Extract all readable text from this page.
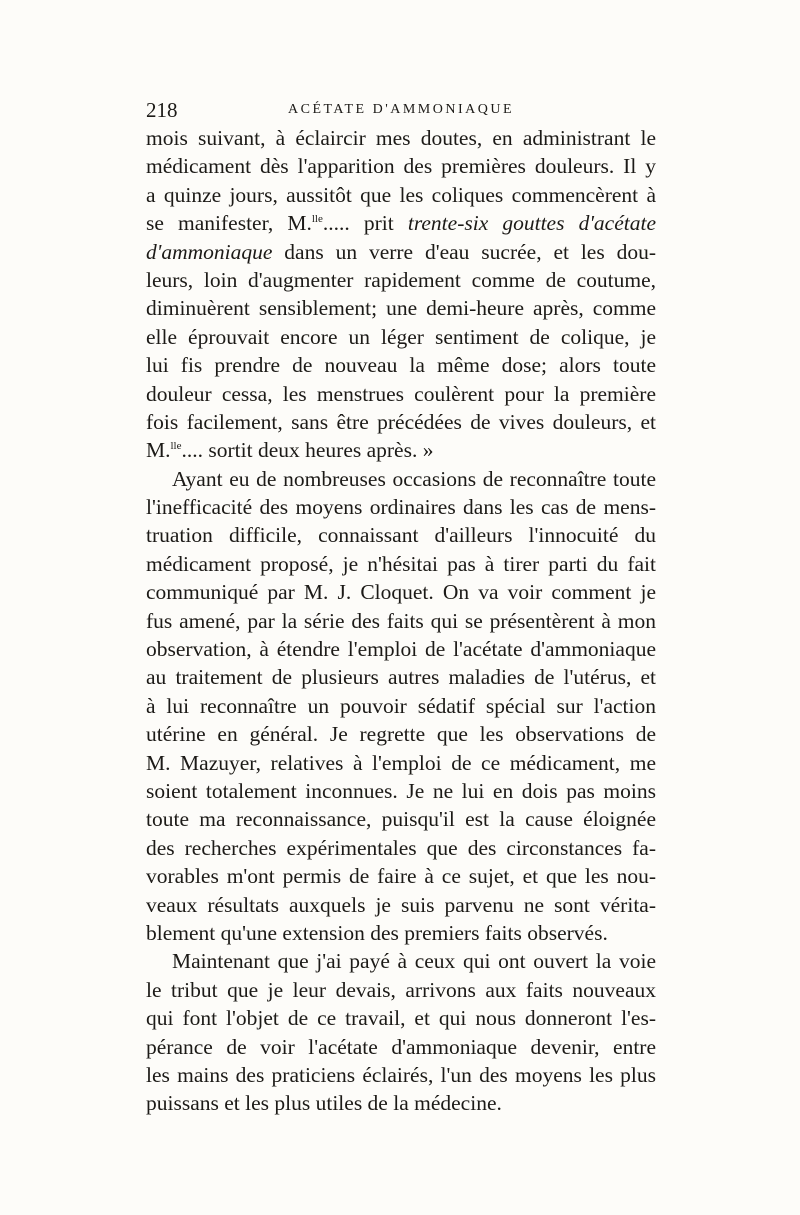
218	ACÉTATE D'AMMONIAQUE
mois suivant, à éclaircir mes doutes, en administrant le
médicament dès l'apparition des premières douleurs. Il y
a quinze jours, aussitôt que les coliques commencèrent à
se manifester, M.$^{lle}$..... prit trente-six gouttes d'acétate
d'ammoniaque dans un verre d'eau sucrée, et les dou-
leurs, loin d'augmenter rapidement comme de coutume,
diminuèrent sensiblement; une demi-heure après, comme
elle éprouvait encore un léger sentiment de colique, je
lui fis prendre de nouveau la même dose; alors toute
douleur cessa, les menstrues coulèrent pour la première
fois facilement, sans être précédées de vives douleurs, et
M.$^{lle}$.... sortit deux heures après. »
Ayant eu de nombreuses occasions de reconnaître toute
l'inefficacité des moyens ordinaires dans les cas de mens-
truation difficile, connaissant d'ailleurs l'innocuité du
médicament proposé, je n'hésitai pas à tirer parti du fait
communiqué par M. J. Cloquet. On va voir comment je
fus amené, par la série des faits qui se présentèrent à mon
observation, à étendre l'emploi de l'acétate d'ammoniaque
au traitement de plusieurs autres maladies de l'utérus, et
à lui reconnaître un pouvoir sédatif spécial sur l'action
utérine en général. Je regrette que les observations de
M. Mazuyer, relatives à l'emploi de ce médicament, me
soient totalement inconnues. Je ne lui en dois pas moins
toute ma reconnaissance, puisqu'il est la cause éloignée
des recherches expérimentales que des circonstances fa-
vorables m'ont permis de faire à ce sujet, et que les nou-
veaux résultats auxquels je suis parvenu ne sont vérita-
blement qu'une extension des premiers faits observés.
Maintenant que j'ai payé à ceux qui ont ouvert la voie
le tribut que je leur devais, arrivons aux faits nouveaux
qui font l'objet de ce travail, et qui nous donneront l'es-
pérance de voir l'acétate d'ammoniaque devenir, entre
les mains des praticiens éclairés, l'un des moyens les plus
puissans et les plus utiles de la médecine.
